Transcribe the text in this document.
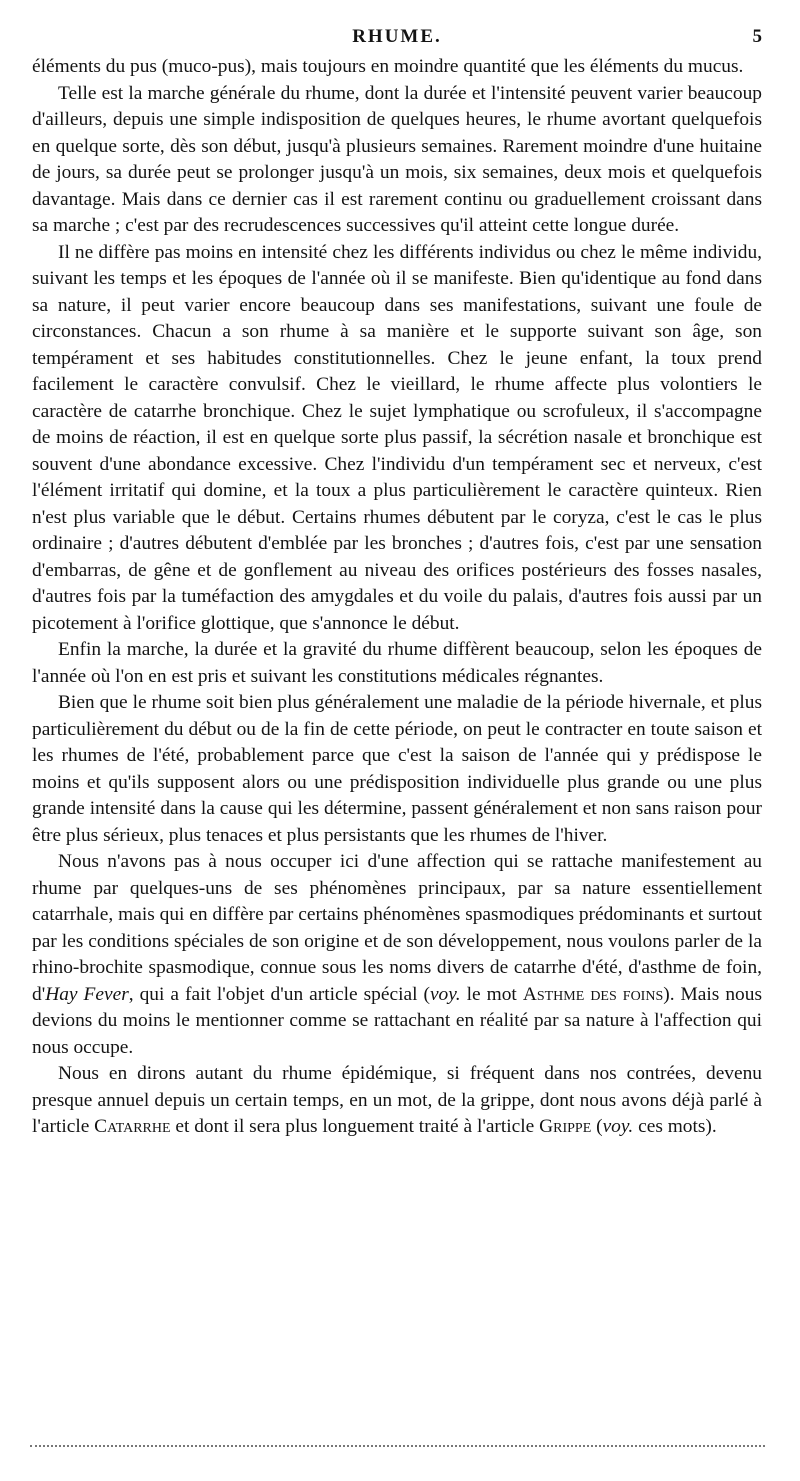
RHUME.	5

éléments du pus (muco-pus), mais toujours en moindre quantité que les éléments du mucus.

Telle est la marche générale du rhume, dont la durée et l'intensité peuvent varier beaucoup d'ailleurs, depuis une simple indisposition de quelques heures, le rhume avortant quelquefois en quelque sorte, dès son début, jusqu'à plusieurs semaines. Rarement moindre d'une huitaine de jours, sa durée peut se prolonger jusqu'à un mois, six semaines, deux mois et quelquefois davantage. Mais dans ce dernier cas il est rarement continu ou graduellement croissant dans sa marche ; c'est par des recrudescences successives qu'il atteint cette longue durée.

Il ne diffère pas moins en intensité chez les différents individus ou chez le même individu, suivant les temps et les époques de l'année où il se manifeste. Bien qu'identique au fond dans sa nature, il peut varier encore beaucoup dans ses manifestations, suivant une foule de circonstances. Chacun a son rhume à sa manière et le supporte suivant son âge, son tempérament et ses habitudes constitutionnelles. Chez le jeune enfant, la toux prend facilement le caractère convulsif. Chez le vieillard, le rhume affecte plus volontiers le caractère de catarrhe bronchique. Chez le sujet lymphatique ou scrofuleux, il s'accompagne de moins de réaction, il est en quelque sorte plus passif, la sécrétion nasale et bronchique est souvent d'une abondance excessive. Chez l'individu d'un tempérament sec et nerveux, c'est l'élément irritatif qui domine, et la toux a plus particulièrement le caractère quinteux. Rien n'est plus variable que le début. Certains rhumes débutent par le coryza, c'est le cas le plus ordinaire ; d'autres débutent d'emblée par les bronches ; d'autres fois, c'est par une sensation d'embarras, de gêne et de gonflement au niveau des orifices postérieurs des fosses nasales, d'autres fois par la tuméfaction des amygdales et du voile du palais, d'autres fois aussi par un picotement à l'orifice glottique, que s'annonce le début.

Enfin la marche, la durée et la gravité du rhume diffèrent beaucoup, selon les époques de l'année où l'on en est pris et suivant les constitutions médicales régnantes.

Bien que le rhume soit bien plus généralement une maladie de la période hivernale, et plus particulièrement du début ou de la fin de cette période, on peut le contracter en toute saison et les rhumes de l'été, probablement parce que c'est la saison de l'année qui y prédispose le moins et qu'ils supposent alors ou une prédisposition individuelle plus grande ou une plus grande intensité dans la cause qui les détermine, passent généralement et non sans raison pour être plus sérieux, plus tenaces et plus persistants que les rhumes de l'hiver.

Nous n'avons pas à nous occuper ici d'une affection qui se rattache manifestement au rhume par quelques-uns de ses phénomènes principaux, par sa nature essentiellement catarrhale, mais qui en diffère par certains phénomènes spasmodiques prédominants et surtout par les conditions spéciales de son origine et de son développement, nous voulons parler de la rhino-brochite spasmodique, connue sous les noms divers de catarrhe d'été, d'asthme de foin, d'Hay Fever, qui a fait l'objet d'un article spécial (voy. le mot Asthme des foins). Mais nous devions du moins le mentionner comme se rattachant en réalité par sa nature à l'affection qui nous occupe.

Nous en dirons autant du rhume épidémique, si fréquent dans nos contrées, devenu presque annuel depuis un certain temps, en un mot, de la grippe, dont nous avons déjà parlé à l'article Catarrhe et dont il sera plus longuement traité à l'article Grippe (voy. ces mots).
